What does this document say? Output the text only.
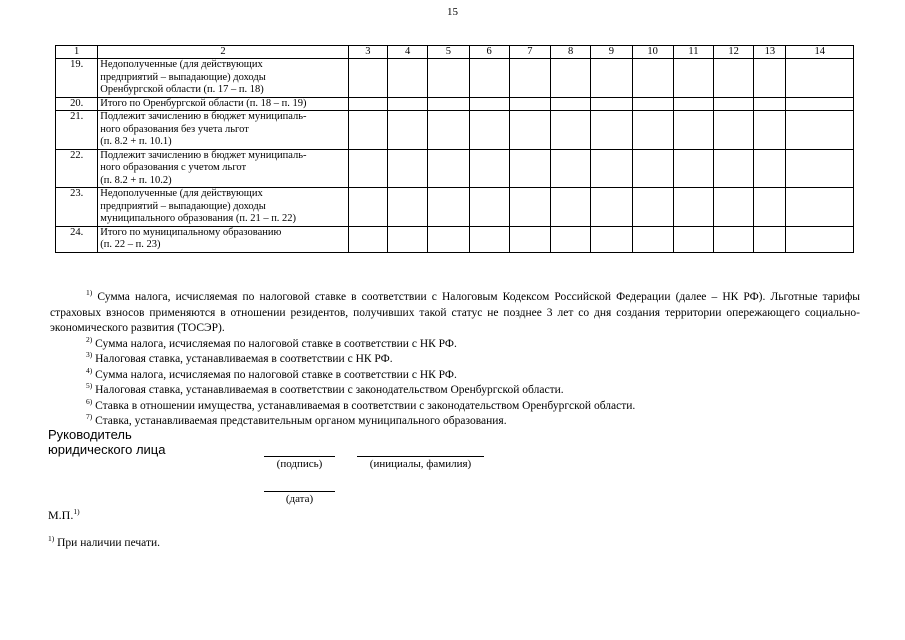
15
1	2	3	4	5	6	7	8	9	10	11	12	13	14
19.	Недополученные (для действующих
предприятий – выпадающие) доходы
Оренбургской области (п. 17 – п. 18)												

20.	Итого по Оренбургской области (п. 18 – п. 19)												

21.	Подлежит зачислению в бюджет муниципаль-
ного образования без учета льгот
(п. 8.2 + п. 10.1)												

22.	Подлежит зачислению в бюджет муниципаль-
ного образования с учетом льгот
(п. 8.2 + п. 10.2)												

23.	Недополученные (для действующих
предприятий – выпадающие) доходы
муниципального образования (п. 21 – п. 22)												

24.	Итого по муниципальному образованию
(п. 22 – п. 23)												

$^{1)}$ Сумма налога, исчисляемая по налоговой ставке в соответствии с Налоговым Кодексом Российской Федерации (далее – НК РФ). Льготные тарифы страховых взносов применяются в отношении резидентов, получивших такой статус не позднее 3 лет со дня создания территории опережающего социально-экономического развития (ТОСЭР).

$^{2)}$ Сумма налога, исчисляемая по налоговой ставке в соответствии с НК РФ.

$^{3)}$ Налоговая ставка, устанавливаемая в соответствии с НК РФ.

$^{4)}$ Сумма налога, исчисляемая по налоговой ставке в соответствии с НК РФ.

$^{5)}$ Налоговая ставка, устанавливаемая в соответствии с законодательством Оренбургской области.

$^{6)}$ Ставка в отношении имущества, устанавливаемая в соответствии с законодательством Оренбургской области.

$^{7)}$ Ставка, устанавливаемая представительным органом муниципального образования.

Руководитель
юридического лица
(подпись)	(инициалы, фамилия)
(дата)
М.П.$^{1)}$
$^{1)}$ При наличии печати.
